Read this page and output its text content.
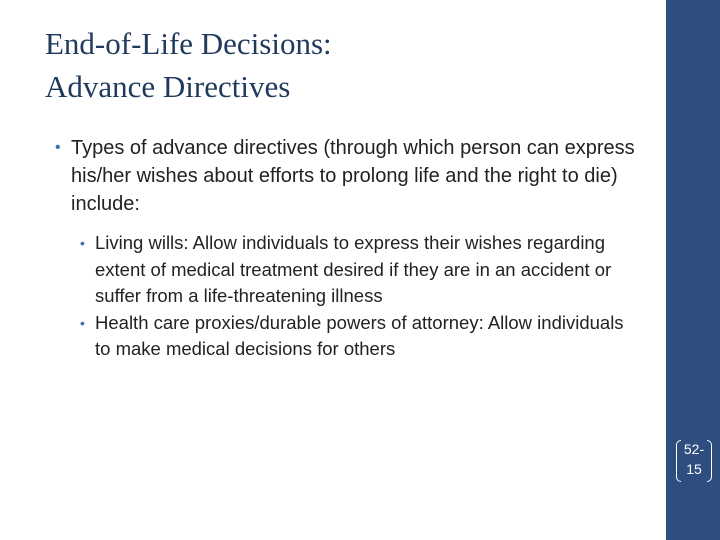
End-of-Life Decisions:
Advance Directives
• Types of advance directives (through which person can express his/her wishes about efforts to prolong life and the right to die) include:
• Living wills: Allow individuals to express their wishes regarding extent of medical treatment desired if they are in an accident or suffer from a life-threatening illness
• Health care proxies/durable powers of attorney: Allow individuals to make medical decisions for others
52-
15
